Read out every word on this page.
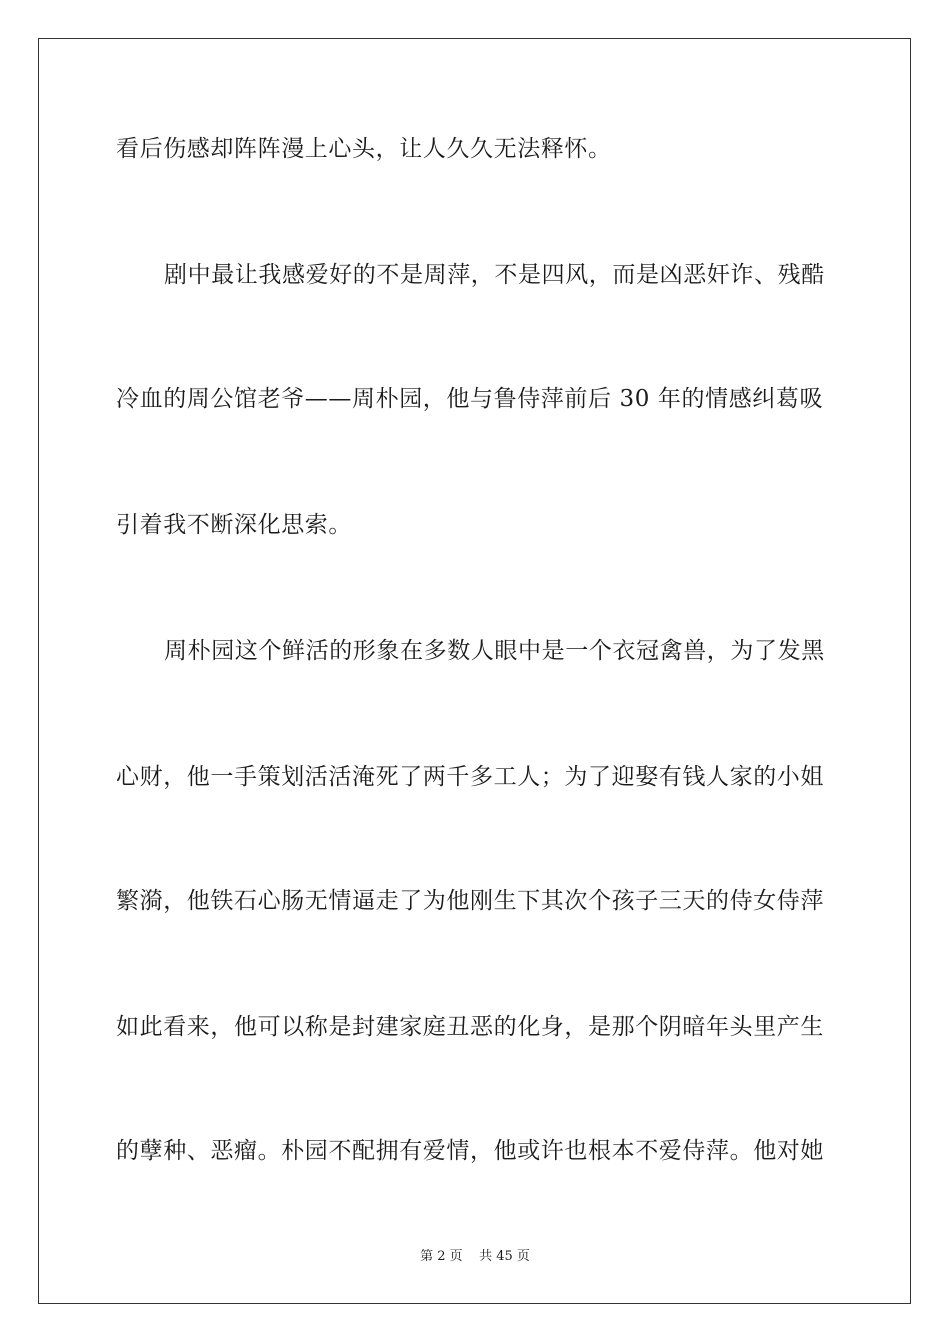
看后伤感却阵阵漫上心头，让人久久无法释怀。
剧中最让我感爱好的不是周萍，不是四风，而是凶恶奸诈、残酷
冷血的周公馆老爷——周朴园，他与鲁侍萍前后 30 年的情感纠葛吸
引着我不断深化思索。
周朴园这个鲜活的形象在多数人眼中是一个衣冠禽兽，为了发黑
心财，他一手策划活活淹死了两千多工人；为了迎娶有钱人家的小姐
繁漪，他铁石心肠无情逼走了为他刚生下其次个孩子三天的侍女侍萍
如此看来，他可以称是封建家庭丑恶的化身，是那个阴暗年头里产生
的孽种、恶瘤。朴园不配拥有爱情，他或许也根本不爱侍萍。他对她
第 2 页    共 45 页
